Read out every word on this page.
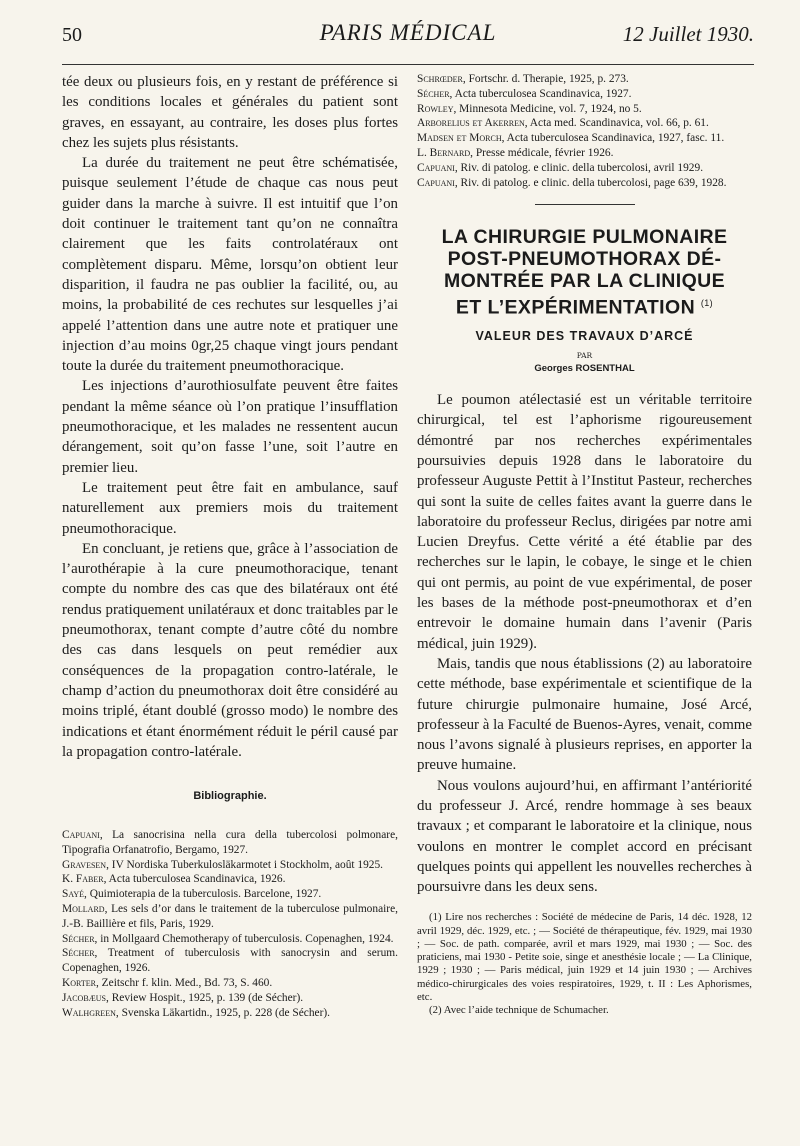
50	PARIS MÉDICAL	12 Juillet 1930.

tée deux ou plusieurs fois, en y restant de préférence si les conditions locales et générales du patient sont graves, en essayant, au contraire, les doses plus fortes chez les sujets plus résistants.

La durée du traitement ne peut être schématisée, puisque seulement l’étude de chaque cas nous peut guider dans la marche à suivre. Il est intuitif que l’on doit continuer le traitement tant qu’on ne connaîtra clairement que les faits controlatéraux ont complètement disparu. Même, lorsqu’on obtient leur disparition, il faudra ne pas oublier la facilité, ou, au moins, la probabilité de ces rechutes sur lesquelles j’ai appelé l’attention dans une autre note et pratiquer une injection d’au moins 0gr,25 chaque vingt jours pendant toute la durée du traitement pneumothoracique.

Les injections d’aurothiosulfate peuvent être faites pendant la même séance où l’on pratique l’insufflation pneumothoracique, et les malades ne ressentent aucun dérangement, soit qu’on fasse l’une, soit l’autre en premier lieu.

Le traitement peut être fait en ambulance, sauf naturellement aux premiers mois du traitement pneumothoracique.

En concluant, je retiens que, grâce à l’association de l’aurothérapie à la cure pneumothoracique, tenant compte du nombre des cas que des bilatéraux ont été rendus pratiquement unilatéraux et donc traitables par le pneumothorax, tenant compte d’autre côté du nombre des cas dans lesquels on peut remédier aux conséquences de la propagation contro-latérale, le champ d’action du pneumothorax doit être considéré au moins triplé, étant doublé (grosso modo) le nombre des indications et étant énormément réduit le péril causé par la propagation contro-latérale.

Bibliographie.

Capuani, La sanocrisina nella cura della tubercolosi polmonare, Tipografia Orfanatrofio, Bergamo, 1927.

Gravesen, IV Nordiska Tuberkulosläkarmotet i Stockholm, août 1925.

K. Faber, Acta tuberculosea Scandinavica, 1926.

Sayé, Quimioterapia de la tuberculosis. Barcelone, 1927.

Mollard, Les sels d’or dans le traitement de la tuberculose pulmonaire, J.-B. Baillière et fils, Paris, 1929.

Sécher, in Mollgaard Chemotherapy of tuberculosis. Copenaghen, 1924.

Sécher, Treatment of tuberculosis with sanocrysin and serum. Copenaghen, 1926.

Korter, Zeitschr f. klin. Med., Bd. 73, S. 460.

Jacobæus, Review Hospit., 1925, p. 139 (de Sécher).

Walhgreen, Svenska Läkartidn., 1925, p. 228 (de Sécher).

Schrœder, Fortschr. d. Therapie, 1925, p. 273.

Sécher, Acta tuberculosea Scandinavica, 1927.

Rowley, Minnesota Medicine, vol. 7, 1924, no 5.

Arborelius et Akerren, Acta med. Scandinavica, vol. 66, p. 61.

Madsen et Morch, Acta tuberculosea Scandinavica, 1927, fasc. 11.

L. Bernard, Presse médicale, février 1926.

Capuani, Riv. di patolog. e clinic. della tubercolosi, avril 1929.

Capuani, Riv. di patolog. e clinic. della tubercolosi, page 639, 1928.

LA CHIRURGIE PULMONAIRE

POST-PNEUMOTHORAX DÉ-

MONTRÉE PAR LA CLINIQUE

ET L’EXPÉRIMENTATION $^{(1)}$

VALEUR DES TRAVAUX D’ARCÉ

PAR

Georges ROSENTHAL

Le poumon atélectasié est un véritable territoire chirurgical, tel est l’aphorisme rigoureusement démontré par nos recherches expérimentales poursuivies depuis 1928 dans le laboratoire du professeur Auguste Pettit à l’Institut Pasteur, recherches qui sont la suite de celles faites avant la guerre dans le laboratoire du professeur Reclus, dirigées par notre ami Lucien Dreyfus. Cette vérité a été établie par des recherches sur le lapin, le cobaye, le singe et le chien qui ont permis, au point de vue expérimental, de poser les bases de la méthode post-pneumothorax et d’en entrevoir le domaine humain dans l’avenir (Paris médical, juin 1929).

Mais, tandis que nous établissions (2) au laboratoire cette méthode, base expérimentale et scientifique de la future chirurgie pulmonaire humaine, José Arcé, professeur à la Faculté de Buenos-Ayres, venait, comme nous l’avons signalé à plusieurs reprises, en apporter la preuve humaine.

Nous voulons aujourd’hui, en affirmant l’antériorité du professeur J. Arcé, rendre hommage à ses beaux travaux ; et comparant le laboratoire et la clinique, nous voulons en montrer le complet accord en précisant quelques points qui appellent les nouvelles recherches à poursuivre dans les deux sens.

(1) Lire nos recherches : Société de médecine de Paris, 14 déc. 1928, 12 avril 1929, déc. 1929, etc. ; — Société de thérapeutique, fév. 1929, mai 1930 ; — Soc. de path. comparée, avril et mars 1929, mai 1930 ; — Soc. des praticiens, mai 1930 - Petite soie, singe et anesthésie locale ; — La Clinique, 1929 ; 1930 ; — Paris médical, juin 1929 et 14 juin 1930 ; — Archives médico-chirurgicales des voies respiratoires, 1929, t. II : Les Aphorismes, etc.

(2) Avec l’aide technique de Schumacher.
